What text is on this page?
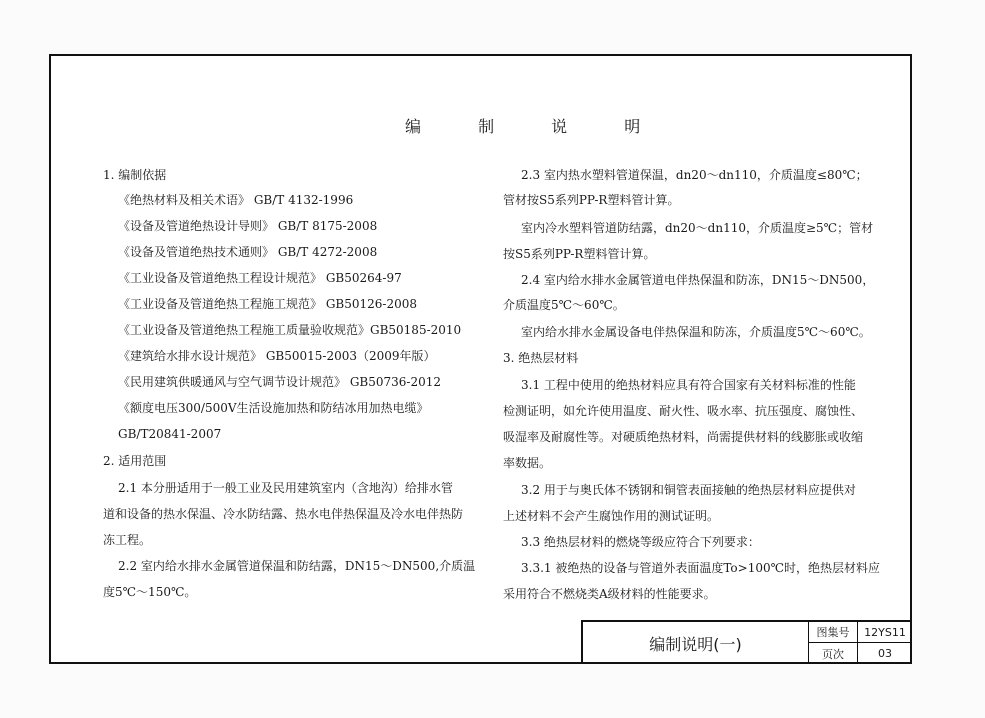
编 制 说 明
1. 编制依据
《绝热材料及相关术语》 GB/T 4132-1996
《设备及管道绝热设计导则》 GB/T 8175-2008
《设备及管道绝热技术通则》 GB/T 4272-2008
《工业设备及管道绝热工程设计规范》 GB50264-97
《工业设备及管道绝热工程施工规范》 GB50126-2008
《工业设备及管道绝热工程施工质量验收规范》GB50185-2010
《建筑给水排水设计规范》 GB50015-2003（2009年版）
《民用建筑供暖通风与空气调节设计规范》 GB50736-2012
《额度电压300/500V生活设施加热和防结冰用加热电缆》
GB/T20841-2007
2. 适用范围
2.1 本分册适用于一般工业及民用建筑室内（含地沟）给排水管
道和设备的热水保温、冷水防结露、热水电伴热保温及冷水电伴热防
冻工程。
2.2 室内给水排水金属管道保温和防结露，DN15～DN500,介质温
度5℃～150℃。
2.3 室内热水塑料管道保温，dn20～dn110，介质温度≤80℃；
管材按S5系列PP-R塑料管计算。
室内冷水塑料管道防结露，dn20～dn110，介质温度≥5℃；管材
按S5系列PP-R塑料管计算。
2.4 室内给水排水金属管道电伴热保温和防冻，DN15～DN500，
介质温度5℃～60℃。
室内给水排水金属设备电伴热保温和防冻，介质温度5℃～60℃。
3. 绝热层材料
3.1 工程中使用的绝热材料应具有符合国家有关材料标准的性能
检测证明，如允许使用温度、耐火性、吸水率、抗压强度、腐蚀性、
吸湿率及耐腐性等。对硬质绝热材料，尚需提供材料的线膨胀或收缩
率数据。
3.2 用于与奥氏体不锈钢和铜管表面接触的绝热层材料应提供对
上述材料不会产生腐蚀作用的测试证明。
3.3 绝热层材料的燃烧等级应符合下列要求：
3.3.1 被绝热的设备与管道外表面温度To>100℃时，绝热层材料应
采用符合不燃烧类A级材料的性能要求。
编制说明(一)
图集号	12YS11
页次	03
